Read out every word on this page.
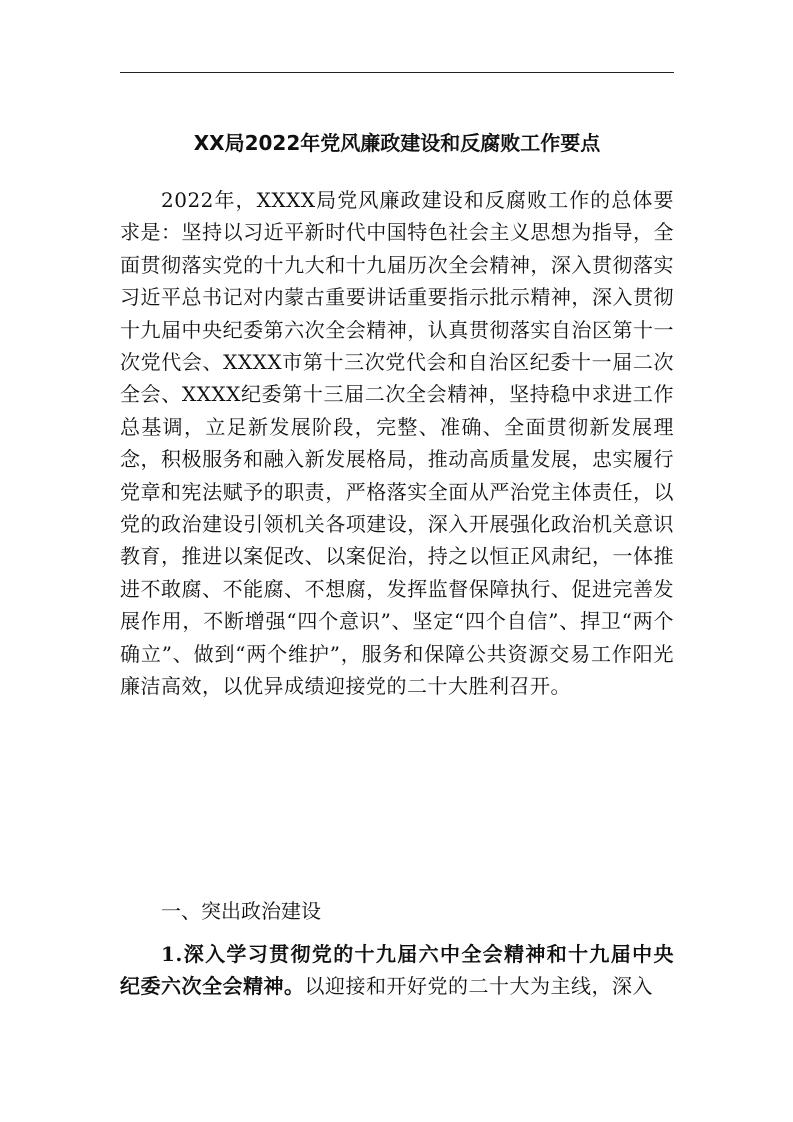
XX局2022年党风廉政建设和反腐败工作要点

2022年，XXXX局党风廉政建设和反腐败工作的总体要求是：坚持以习近平新时代中国特色社会主义思想为指导，全面贯彻落实党的十九大和十九届历次全会精神，深入贯彻落实习近平总书记对内蒙古重要讲话重要指示批示精神，深入贯彻十九届中央纪委第六次全会精神，认真贯彻落实自治区第十一次党代会、XXXX市第十三次党代会和自治区纪委十一届二次全会、XXXX纪委第十三届二次全会精神，坚持稳中求进工作总基调，立足新发展阶段，完整、准确、全面贯彻新发展理念，积极服务和融入新发展格局，推动高质量发展，忠实履行党章和宪法赋予的职责，严格落实全面从严治党主体责任，以党的政治建设引领机关各项建设，深入开展强化政治机关意识教育，推进以案促改、以案促治，持之以恒正风肃纪，一体推进不敢腐、不能腐、不想腐，发挥监督保障执行、促进完善发展作用，不断增强“四个意识”、坚定“四个自信”、捍卫“两个确立”、做到“两个维护”，服务和保障公共资源交易工作阳光廉洁高效，以优异成绩迎接党的二十大胜利召开。

一、突出政治建设

1.深入学习贯彻党的十九届六中全会精神和十九届中央纪委六次全会精神。以迎接和开好党的二十大为主线，深入
